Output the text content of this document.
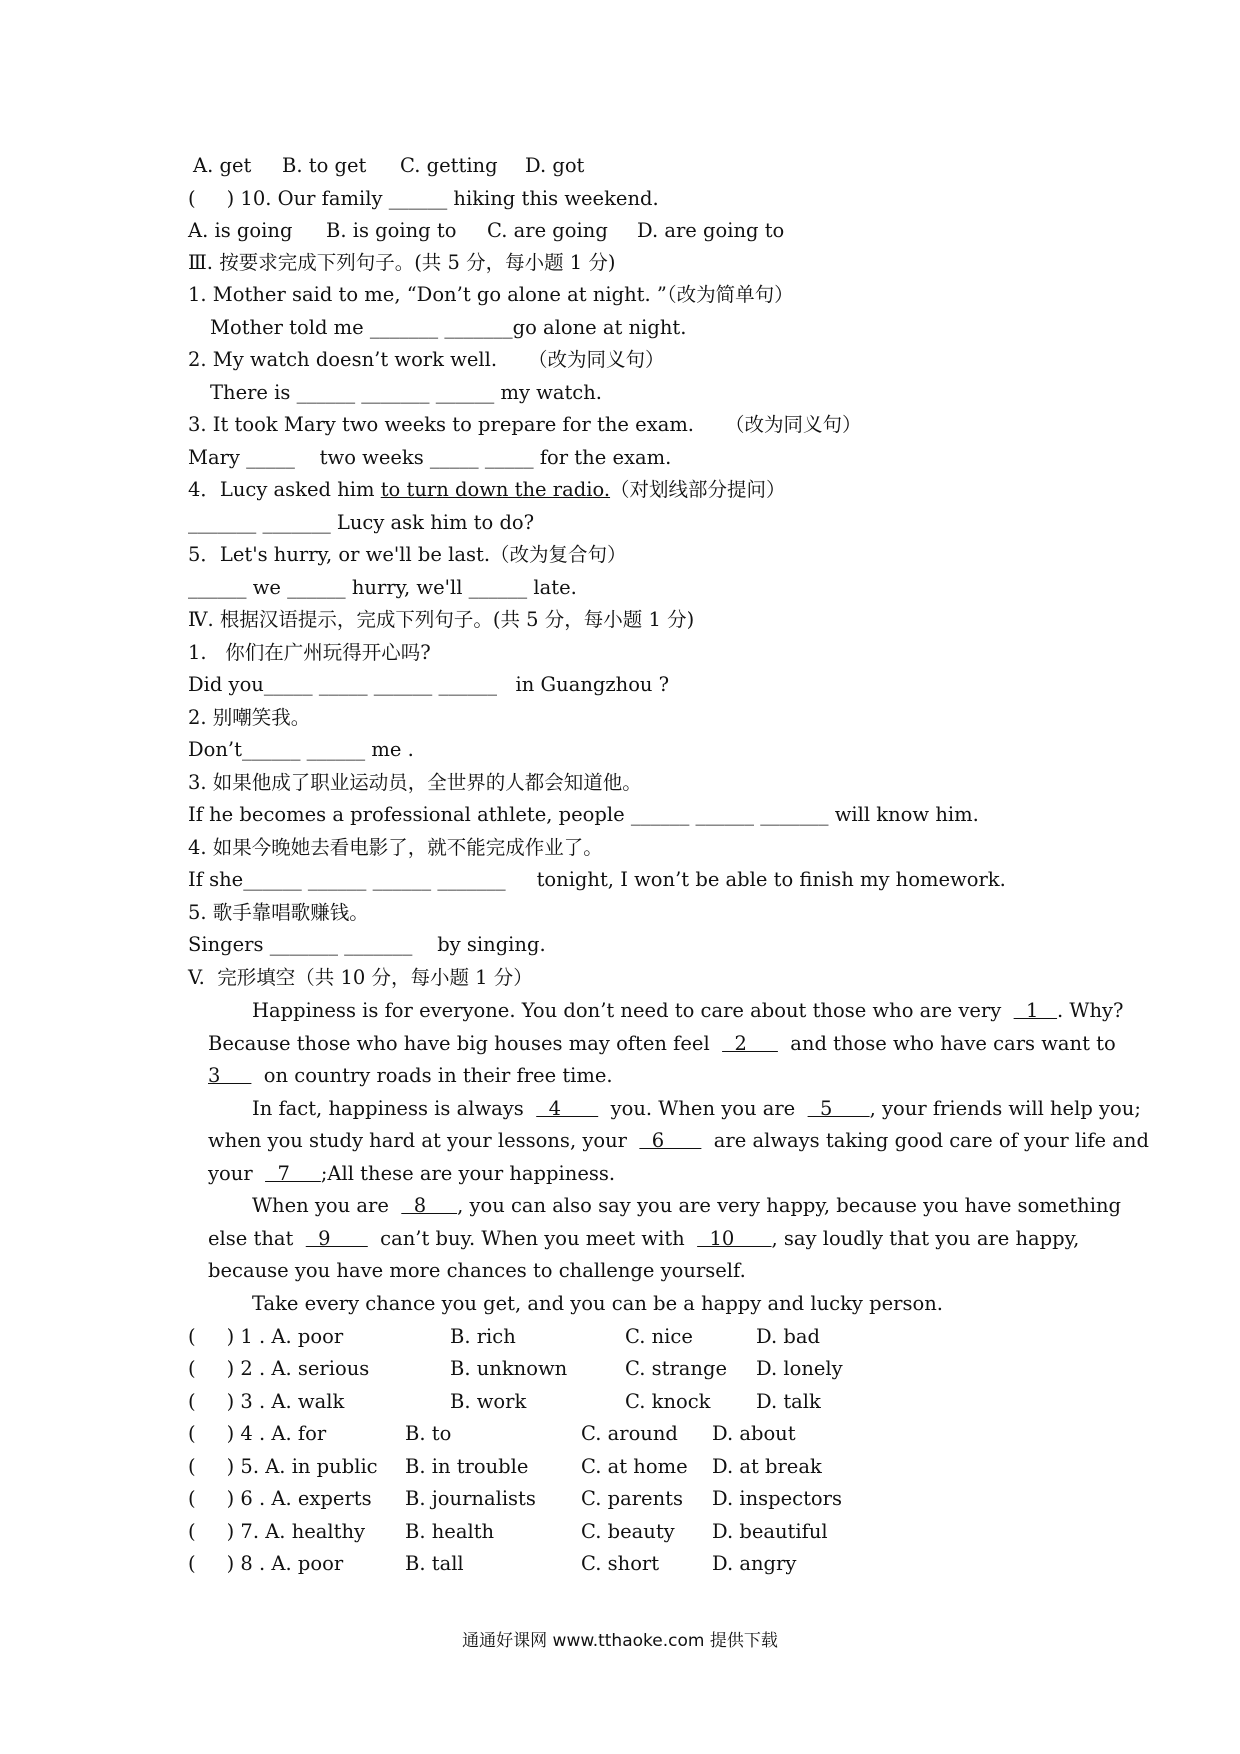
A. get B. to get C. getting D. got
(     ) 10. Our family ______ hiking this weekend.
A. is going B. is going to C. are going D. are going to
Ⅲ. 按要求完成下列句子。(共 5 分，每小题 1 分)
1. Mother said to me, “Don’t go alone at night. ”（改为简单句）
Mother told me _______ _______go alone at night.
2. My watch doesn’t work well.     （改为同义句）
There is ______ _______ ______ my watch.
3. It took Mary two weeks to prepare for the exam.     （改为同义句）
Mary _____    two weeks _____ _____ for the exam.
4．Lucy asked him to turn down the radio.（对划线部分提问）
_______ _______ Lucy ask him to do?
5．Let's hurry, or we'll be last.（改为复合句）
______ we ______ hurry, we'll ______ late.
Ⅳ. 根据汉语提示，完成下列句子。(共 5 分，每小题 1 分)
1.   你们在广州玩得开心吗?
Did you_____ _____ ______ ______   in Guangzhou ?
2. 别嘲笑我。
Don’t______ ______ me .
3. 如果他成了职业运动员，全世界的人都会知道他。
If he becomes a professional athlete, people ______ ______ _______ will know him.
4. 如果今晚她去看电影了，就不能完成作业了。
If she______ ______ ______ _______     tonight, I won’t be able to finish my homework.
5. 歌手靠唱歌赚钱。
Singers _______ _______    by singing.
V.  完形填空（共 10 分，每小题 1 分）
Happiness is for everyone. You don’t need to care about those who are very    1   . Why?
Because those who have big houses may often feel    2       and those who have cars want to
3       on country roads in their free time.
In fact, happiness is always    4        you. When you are    5      , your friends will help you;
when you study hard at your lessons, your    6        are always taking good care of your life and
your    7     ;All these are your happiness.
When you are    8     , you can also say you are very happy, because you have something
else that    9        can’t buy. When you meet with    10      , say loudly that you are happy,
because you have more chances to challenge yourself.
Take every chance you get, and you can be a happy and lucky person.
(     ) 1 . A. poor	B. rich	C. nice	D. bad
(     ) 2 . A. serious	B. unknown	C. strange D. lonely
(     ) 3 . A. walk	B. work	C. knock D. talk
(     ) 4 . A. for	B. to	C. around D. about
(     ) 5. A. in public B. in trouble	C. at home D. at break
(     ) 6 . A. experts B. journalists C. parents D. inspectors
(     ) 7. A. healthy B. health	C. beauty D. beautiful
(     ) 8 . A. poor	B. tall	C. short	D. angry
通通好课网 www.tthaoke.com 提供下载
